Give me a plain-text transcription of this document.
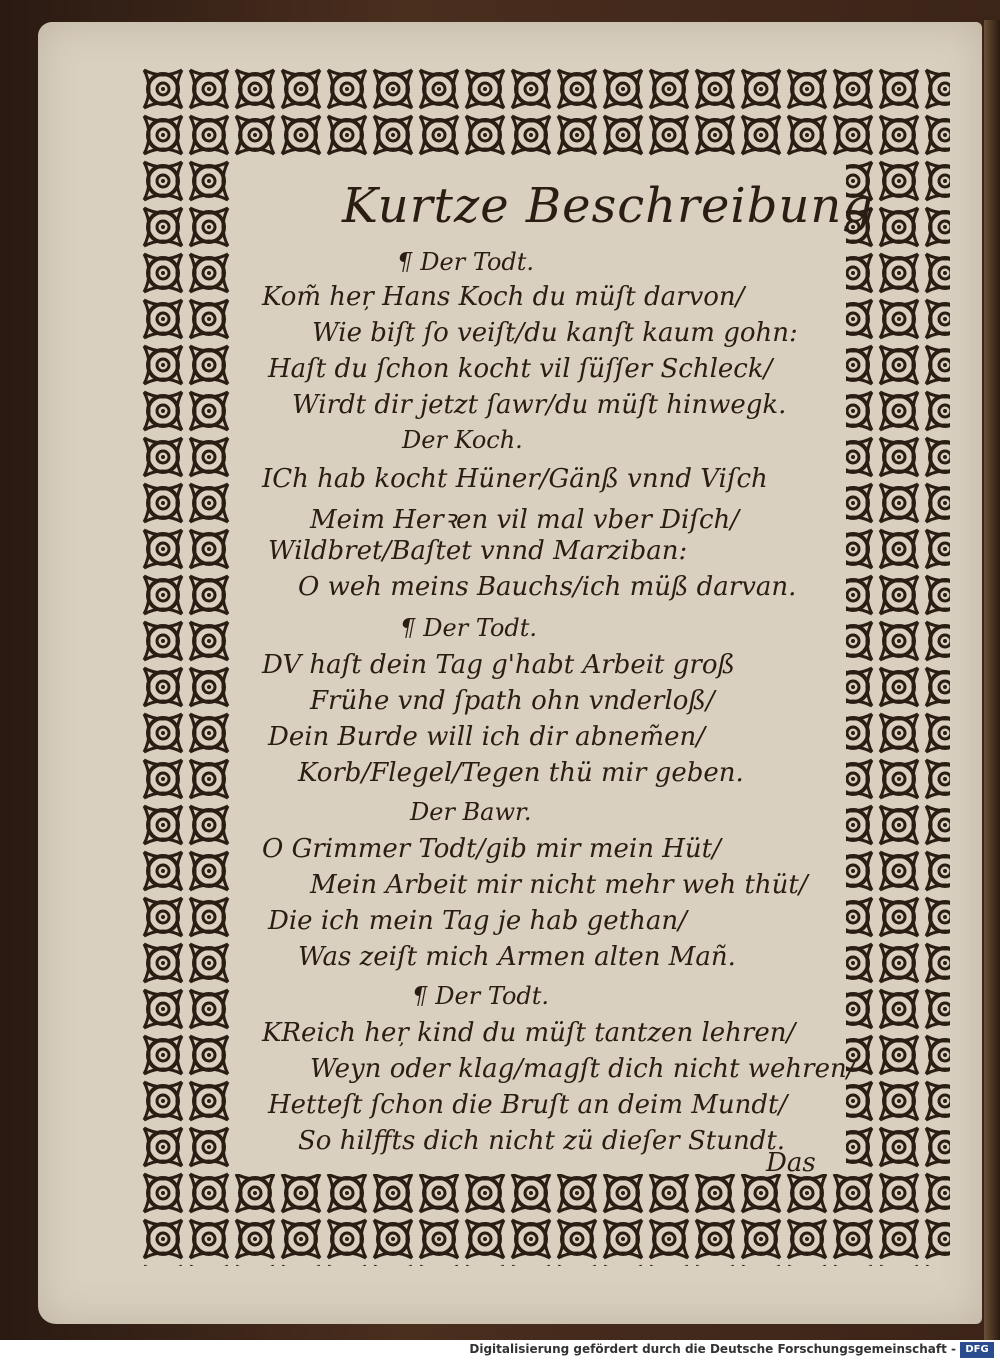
Kurtze Beschreibung
¶ Der Todt.
Kom̃ heŗ Hans Koch du müſt darvon/
Wie biſt ſo veiſt/du kanſt kaum gohn:
Haſt du ſchon kocht vil ſüſſer Schleck/
Wirdt dir jetzt ſawr/du müſt hinwegk.
Der Koch.
ICh hab kocht Hüner/Gänß vnnd Viſch
Meim Herꝛen vil mal vber Diſch/
Wildbret/Baſtet vnnd Marziban:
O weh meins Bauchs/ich müß darvan.
¶ Der Todt.
DV haſt dein Tag g'habt Arbeit groß
Frühe vnd ſpath ohn vnderloß/
Dein Burde will ich dir abnem̃en/
Korb/Flegel/Tegen thü mir geben.
Der Bawr.
O Grimmer Todt/gib mir mein Hüt/
Mein Arbeit mir nicht mehr weh thüt/
Die ich mein Tag je hab gethan/
Was zeiſt mich Armen alten Mañ.
¶ Der Todt.
KReich heŗ kind du müſt tantzen lehren/
Weyn oder klag/magſt dich nicht wehren/
Hetteſt ſchon die Bruſt an deim Mundt/
So hilffts dich nicht zü dieſer Stundt.
Das
Digitalisierung gefördert durch die Deutsche Forschungsgemeinschaft - DFG
